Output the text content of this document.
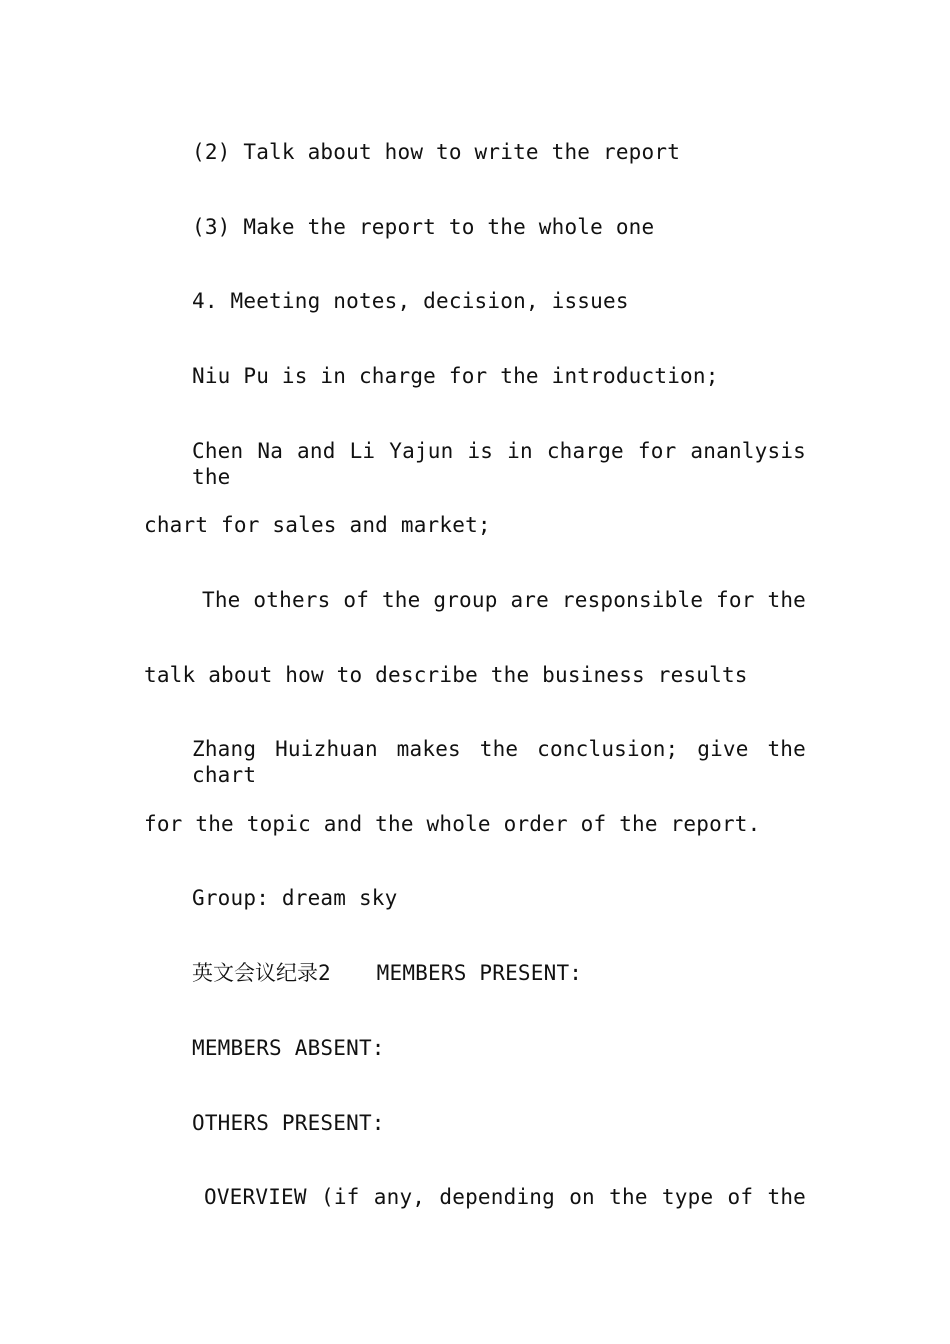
(2) Talk about how to write the report
(3) Make the report to the whole one
4. Meeting notes, decision, issues
Niu Pu is in charge for the introduction;
Chen Na and Li Yajun is in charge for ananlysis the
chart for sales and market;
The others of the group are responsible for the
talk about how to describe the business results
Zhang Huizhuan makes the conclusion; give the chart
for the topic and the whole order of the report.
Group: dream sky
英文会议纪录2 MEMBERS PRESENT:
MEMBERS ABSENT:
OTHERS PRESENT:
OVERVIEW (if any, depending on the type of the
